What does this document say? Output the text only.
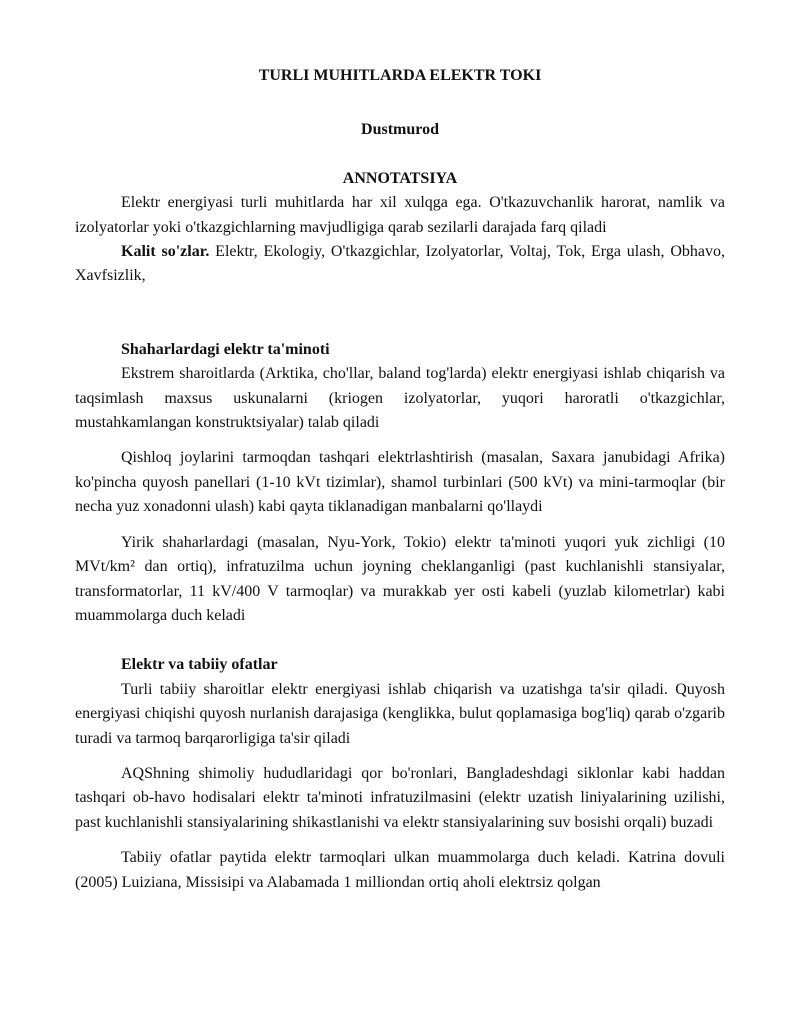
TURLI MUHITLARDA ELEKTR TOKI
Dustmurod
ANNOTATSIYA

Elektr energiyasi turli muhitlarda har xil xulqga ega. O'tkazuvchanlik harorat, namlik va izolyatorlar yoki o'tkazgichlarning mavjudligiga qarab sezilarli darajada farq qiladi

Kalit so'zlar. Elektr, Ekologiy, O'tkazgichlar, Izolyatorlar, Voltaj, Tok, Erga ulash, Obhavo, Xavfsizlik,

Shaharlardagi elektr ta'minoti

Ekstrem sharoitlarda (Arktika, cho'llar, baland tog'larda) elektr energiyasi ishlab chiqarish va taqsimlash maxsus uskunalarni (kriogen izolyatorlar, yuqori haroratli o'tkazgichlar, mustahkamlangan konstruktsiyalar) talab qiladi

Qishloq joylarini tarmoqdan tashqari elektrlashtirish (masalan, Saxara janubidagi Afrika) ko'pincha quyosh panellari (1-10 kVt tizimlar), shamol turbinlari (500 kVt) va mini-tarmoqlar (bir necha yuz xonadonni ulash) kabi qayta tiklanadigan manbalarni qo'llaydi

Yirik shaharlardagi (masalan, Nyu-York, Tokio) elektr ta'minoti yuqori yuk zichligi (10 MVt/km² dan ortiq), infratuzilma uchun joyning cheklanganligi (past kuchlanishli stansiyalar, transformatorlar, 11 kV/400 V tarmoqlar) va murakkab yer osti kabeli (yuzlab kilometrlar) kabi muammolarga duch keladi

Elektr va tabiiy ofatlar

Turli tabiiy sharoitlar elektr energiyasi ishlab chiqarish va uzatishga ta'sir qiladi. Quyosh energiyasi chiqishi quyosh nurlanish darajasiga (kenglikka, bulut qoplamasiga bog'liq) qarab o'zgarib turadi va tarmoq barqarorligiga ta'sir qiladi

AQShning shimoliy hududlaridagi qor bo'ronlari, Bangladeshdagi siklonlar kabi haddan tashqari ob-havo hodisalari elektr ta'minoti infratuzilmasini (elektr uzatish liniyalarining uzilishi, past kuchlanishli stansiyalarining shikastlanishi va elektr stansiyalarining suv bosishi orqali) buzadi

Tabiiy ofatlar paytida elektr tarmoqlari ulkan muammolarga duch keladi. Katrina dovuli (2005) Luiziana, Missisipi va Alabamada 1 milliondan ortiq aholi elektrsiz qolgan
